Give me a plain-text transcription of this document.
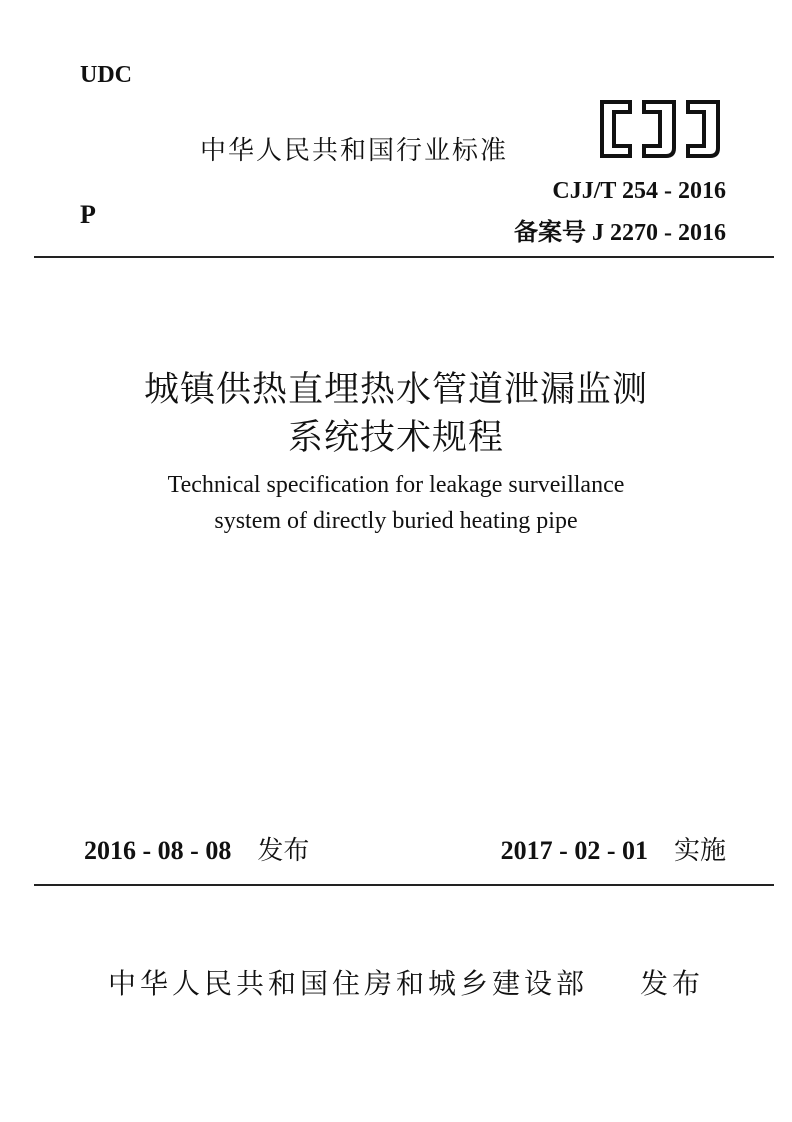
UDC
中华人民共和国行业标准
P
CJJ/T 254 - 2016
备案号 J 2270 - 2016
城镇供热直埋热水管道泄漏监测
系统技术规程
Technical specification for leakage surveillance
system of directly buried heating pipe
2016 - 08 - 08 发布	2017 - 02 - 01 实施
中华人民共和国住房和城乡建设部 发布
